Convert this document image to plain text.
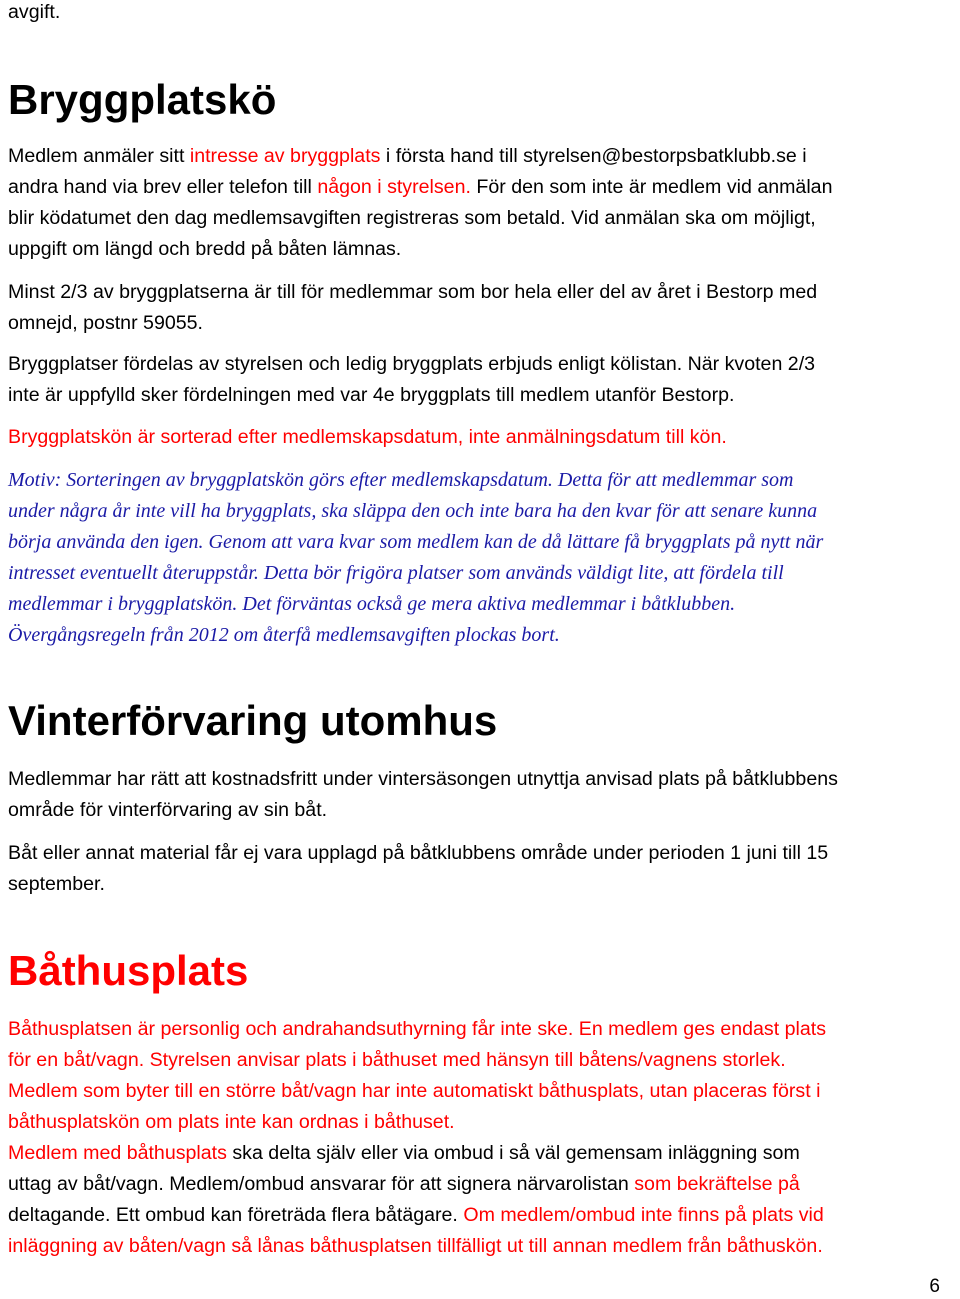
avgift.
Bryggplatskö
Medlem anmäler sitt intresse av bryggplats i första hand till styrelsen@bestorpsbatklubb.se i
andra hand via brev eller telefon till någon i styrelsen. För den som inte är medlem vid anmälan
blir ködatumet den dag medlemsavgiften registreras som betald. Vid anmälan ska om möjligt,
uppgift om längd och bredd på båten lämnas.
Minst 2/3 av bryggplatserna är till för medlemmar som bor hela eller del av året i Bestorp med
omnejd, postnr 59055.
Bryggplatser fördelas av styrelsen och ledig bryggplats erbjuds enligt kölistan. När kvoten 2/3
inte är uppfylld sker fördelningen med var 4e bryggplats till medlem utanför Bestorp.
Bryggplatskön är sorterad efter medlemskapsdatum, inte anmälningsdatum till kön.
Motiv: Sorteringen av bryggplatskön görs efter medlemskapsdatum. Detta för att medlemmar som
under några år inte vill ha bryggplats, ska släppa den och inte bara ha den kvar för att senare kunna
börja använda den igen. Genom att vara kvar som medlem kan de då lättare få bryggplats på nytt när
intresset eventuellt återuppstår. Detta bör frigöra platser som används väldigt lite, att fördela till
medlemmar i bryggplatskön. Det förväntas också ge mera aktiva medlemmar i båtklubben.
Övergångsregeln från 2012 om återfå medlemsavgiften plockas bort.
Vinterförvaring utomhus
Medlemmar har rätt att kostnadsfritt under vintersäsongen utnyttja anvisad plats på båtklubbens
område för vinterförvaring av sin båt.
Båt eller annat material får ej vara upplagd på båtklubbens område under perioden 1 juni till 15
september.
Båthusplats
Båthusplatsen är personlig och andrahandsuthyrning får inte ske. En medlem ges endast plats
för en båt/vagn. Styrelsen anvisar plats i båthuset med hänsyn till båtens/vagnens storlek.
Medlem som byter till en större båt/vagn har inte automatiskt båthusplats, utan placeras först i
båthusplatskön om plats inte kan ordnas i båthuset.
Medlem med båthusplats ska delta själv eller via ombud i så väl gemensam inläggning som
uttag av båt/vagn. Medlem/ombud ansvarar för att signera närvarolistan som bekräftelse på
deltagande. Ett ombud kan företräda flera båtägare. Om medlem/ombud inte finns på plats vid
inläggning av båten/vagn så lånas båthusplatsen tillfälligt ut till annan medlem från båthuskön.
6
